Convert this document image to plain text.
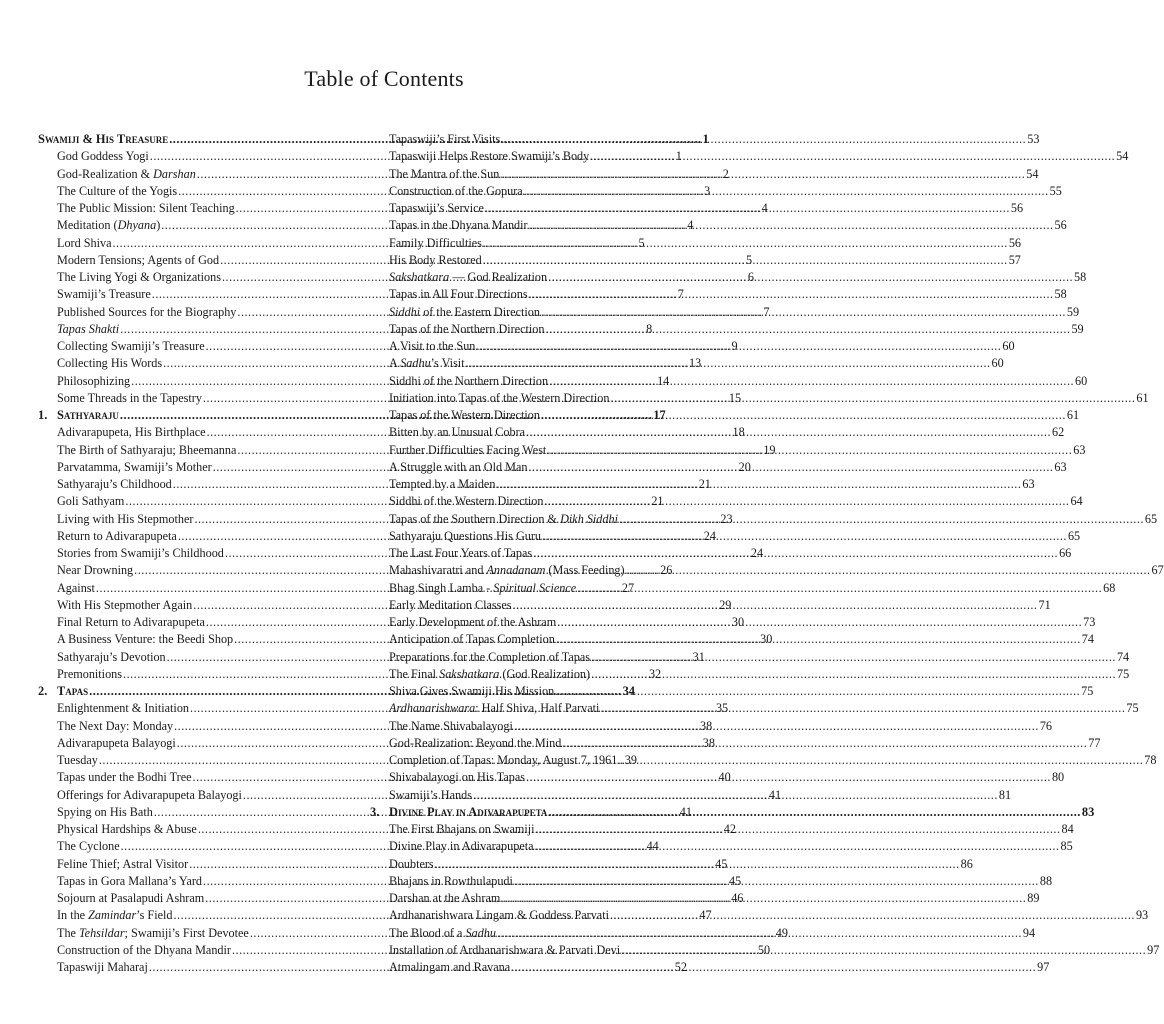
Table of Contents
Swamiji & His Treasure .....	1
God Goddess Yogi .....	1
God-Realization & Darshan .....	2
The Culture of the Yogis .....	3
The Public Mission: Silent Teaching .....	4
Meditation (Dhyana) .....	4
Lord Shiva .....	5
Modern Tensions; Agents of God .....	5
The Living Yogi & Organizations .....	6
Swamiji’s Treasure .....	7
Published Sources for the Biography .....	7
Tapas Shakti .....	8
Collecting Swamiji’s Treasure .....	9
Collecting His Words .....	13
Philosophizing .....	14
Some Threads in the Tapestry .....	15
1. Sathyaraju .....	17
Adivarapupeta, His Birthplace .....	18
The Birth of Sathyaraju; Bheemanna .....	19
Parvatamma, Swamiji’s Mother .....	20
Sathyaraju’s Childhood .....	21
Goli Sathyam .....	21
Living with His Stepmother .....	23
Return to Adivarapupeta .....	24
Stories from Swamiji’s Childhood .....	24
Near Drowning .....	26
Against .....	27
With His Stepmother Again .....	29
Final Return to Adivarapupeta .....	30
A Business Venture: the Beedi Shop .....	30
Sathyaraju’s Devotion .....	31
Premonitions .....	32
2. Tapas .....	34
Enlightenment & Initiation .....	35
The Next Day: Monday .....	38
Adivarapupeta Balayogi .....	38
Tuesday .....	39
Tapas under the Bodhi Tree .....	40
Offerings for Adivarapupeta Balayogi .....	41
Spying on His Bath .....	41
Physical Hardships & Abuse .....	42
The Cyclone .....	44
Feline Thief; Astral Visitor .....	45
Tapas in Gora Mallana’s Yard .....	45
Sojourn at Pasalapudi Ashram .....	46
In the Zamindar’s Field .....	47
The Tehsildar; Swamiji’s First Devotee .....	49
Construction of the Dhyana Mandir .....	50
Tapaswiji Maharaj .....	52
Tapaswiji’s First Visits .....	53
Tapaswiji Helps Restore Swamiji’s Body .....	54
The Mantra of the Sun .....	54
Construction of the Gopura .....	55
Tapaswiji’s Service .....	56
Tapas in the Dhyana Mandir .....	56
Family Difficulties .....	56
His Body Restored .....	57
Sakshatkara — God Realization .....	58
Tapas in All Four Directions .....	58
Siddhi of the Eastern Direction .....	59
Tapas of the Northern Direction .....	59
A Visit to the Sun .....	60
A Sadhu’s Visit .....	60
Siddhi of the Northern Direction .....	60
Initiation into Tapas of the Western Direction .....	61
Tapas of the Western Direction .....	61
Bitten by an Unusual Cobra .....	62
Further Difficulties Facing West .....	63
A Struggle with an Old Man .....	63
Tempted by a Maiden .....	63
Siddhi of the Western Direction .....	64
Tapas of the Southern Direction & Dikh Siddhi .....	65
Sathyaraju Questions His Guru .....	65
The Last Four Years of Tapas .....	66
Mahashivaratri and Annadanam (Mass Feeding) .....	67
Bhag Singh Lamba - Spiritual Science .....	68
Early Meditation Classes .....	71
Early Development of the Ashram .....	73
Anticipation of Tapas Completion .....	74
Preparations for the Completion of Tapas .....	74
The Final Sakshatkara (God Realization) .....	75
Shiva Gives Swamiji His Mission .....	75
Ardhanarishwara: Half Shiva, Half Parvati .....	75
The Name Shivabalayogi .....	76
God-Realization: Beyond the Mind .....	77
Completion of Tapas: Monday, August 7, 1961 .....	78
Shivabalayogi on His Tapas .....	80
Swamiji’s Hands .....	81
3. Divine Play in Adivarapupeta .....	83
The First Bhajans on Swamiji .....	84
Divine Play in Adivarapupeta .....	85
Doubters .....	86
Bhajans in Rowthulapudi .....	88
Darshan at the Ashram .....	89
Ardhanarishwara Lingam & Goddess Parvati .....	93
The Blood of a Sadhu .....	94
Installation of Ardhanarishwara & Parvati Devi .....	97
Atmalingam and Ravana .....	97
